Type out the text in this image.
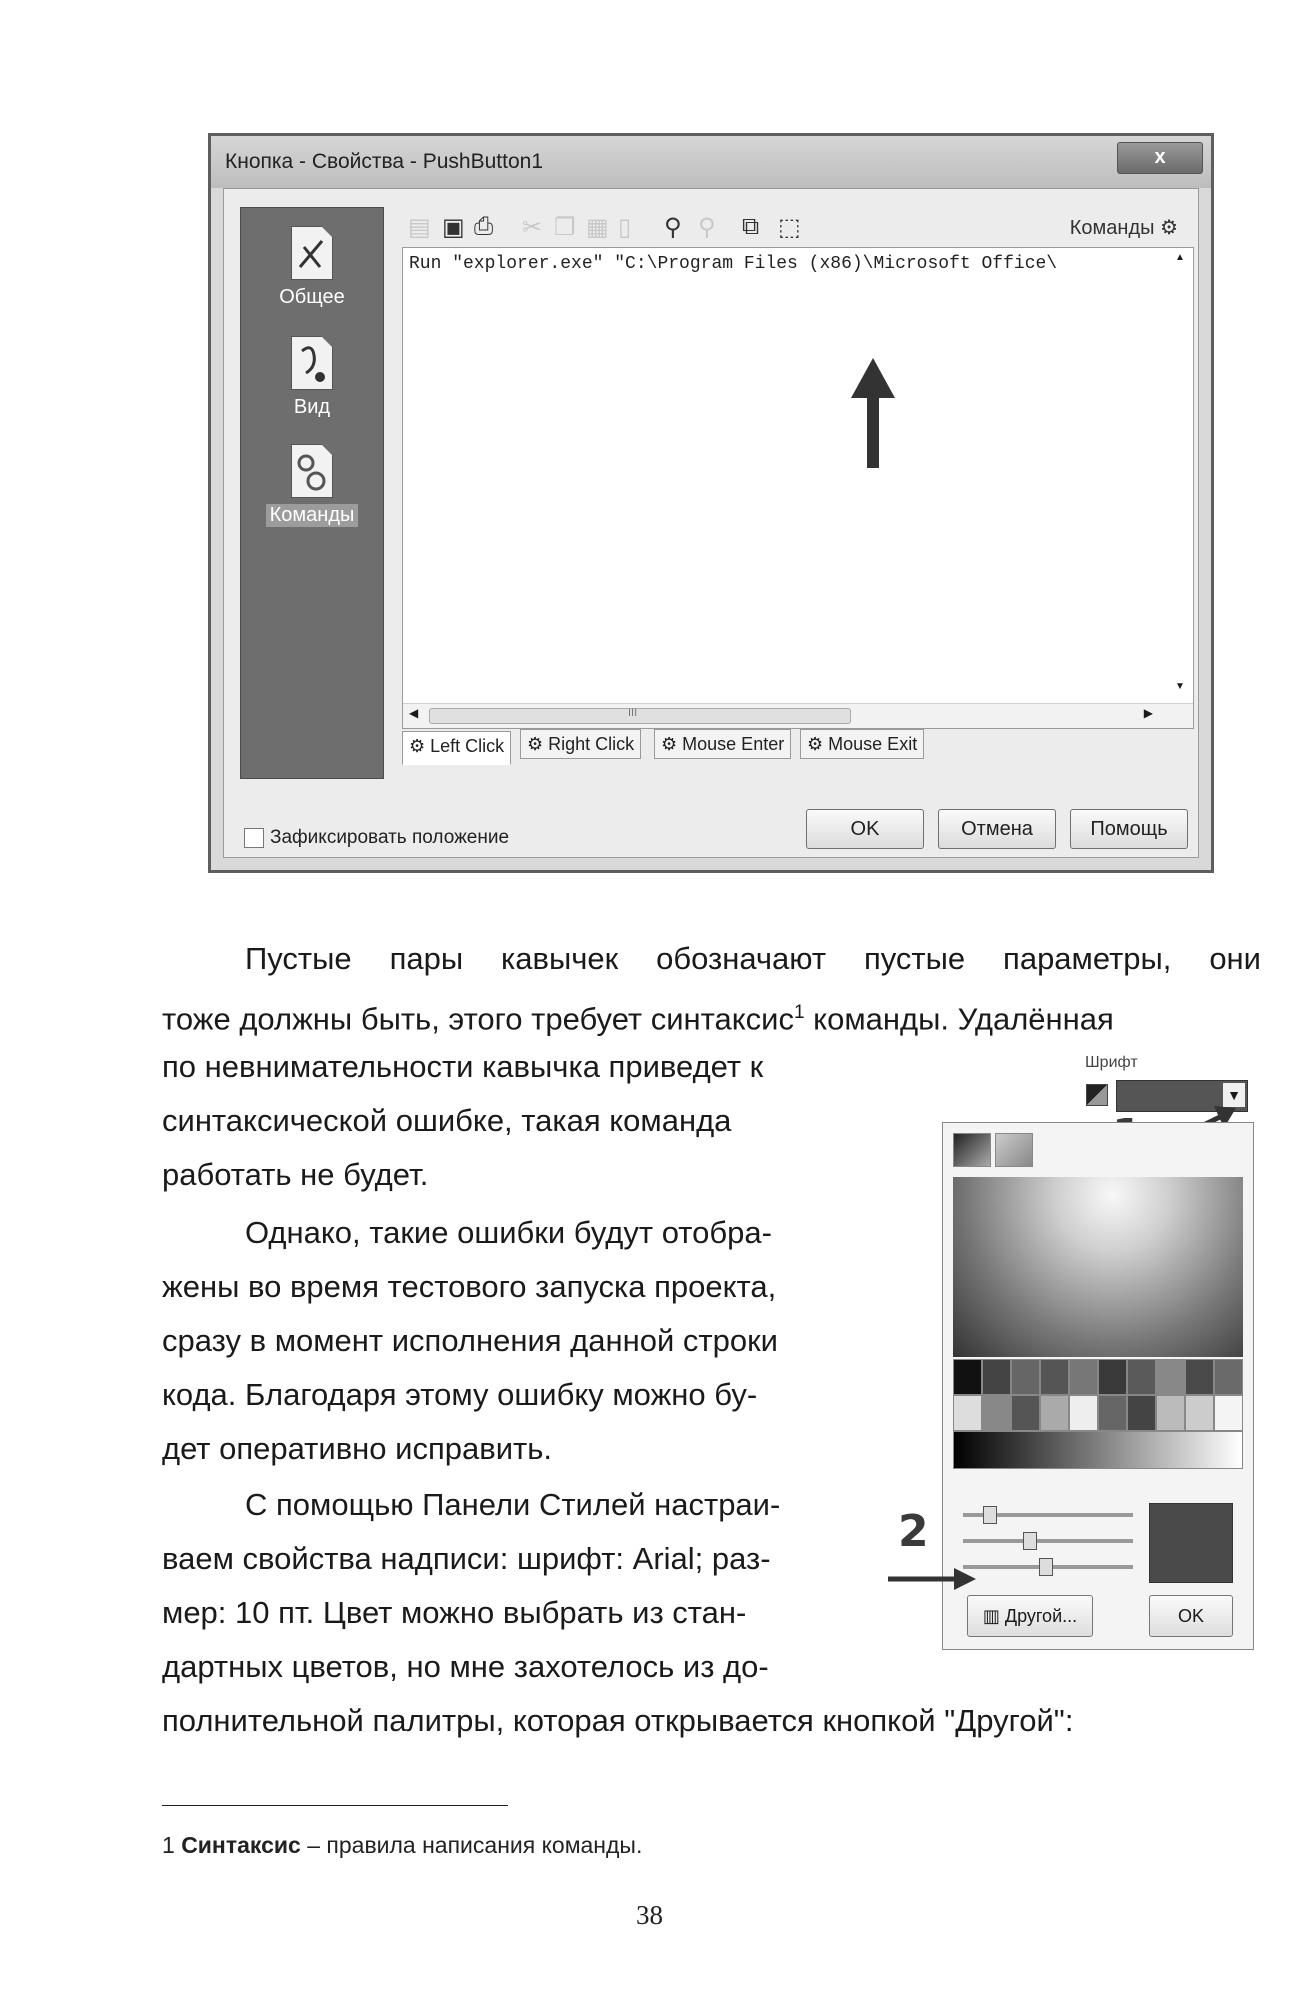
Кнопка - Свойства - PushButton1	x
Общее
Вид
Команды
▤ ▣ ⎙ ✂ ❐ ▦ ▯ ⚲ ⚲ ⧉ ⬚	Команды ⚙
Run "explorer.exe" "C:\Program Files (x86)\Microsoft Office\	▲
▼
◀	III	▶
⚙ Left Click	⚙ Right Click	⚙ Mouse Enter	⚙ Mouse Exit
Зафиксировать положение	OK	Отмена	Помощь
Пустые пары кавычек обозначают пустые параметры, они
тоже должны быть, этого требует синтаксис$^1$ команды. Удалённая
по невнимательности кавычка приведет к
синтаксической ошибке, такая команда
работать не будет.
Однако, такие ошибки будут отобра-
жены во время тестового запуска проекта,
сразу в момент исполнения данной строки
кода. Благодаря этому ошибку можно бу-
дет оперативно исправить.
С помощью Панели Стилей настраи-
ваем свойства надписи: шрифт: Arial; раз-
мер: 10 пт. Цвет можно выбрать из стан-
дартных цветов, но мне захотелось из до-
полнительной палитры, которая открывается кнопкой "Другой":
Шрифт
▼
▥ Другой...	OK
2
1 Синтаксис – правила написания команды.
38
